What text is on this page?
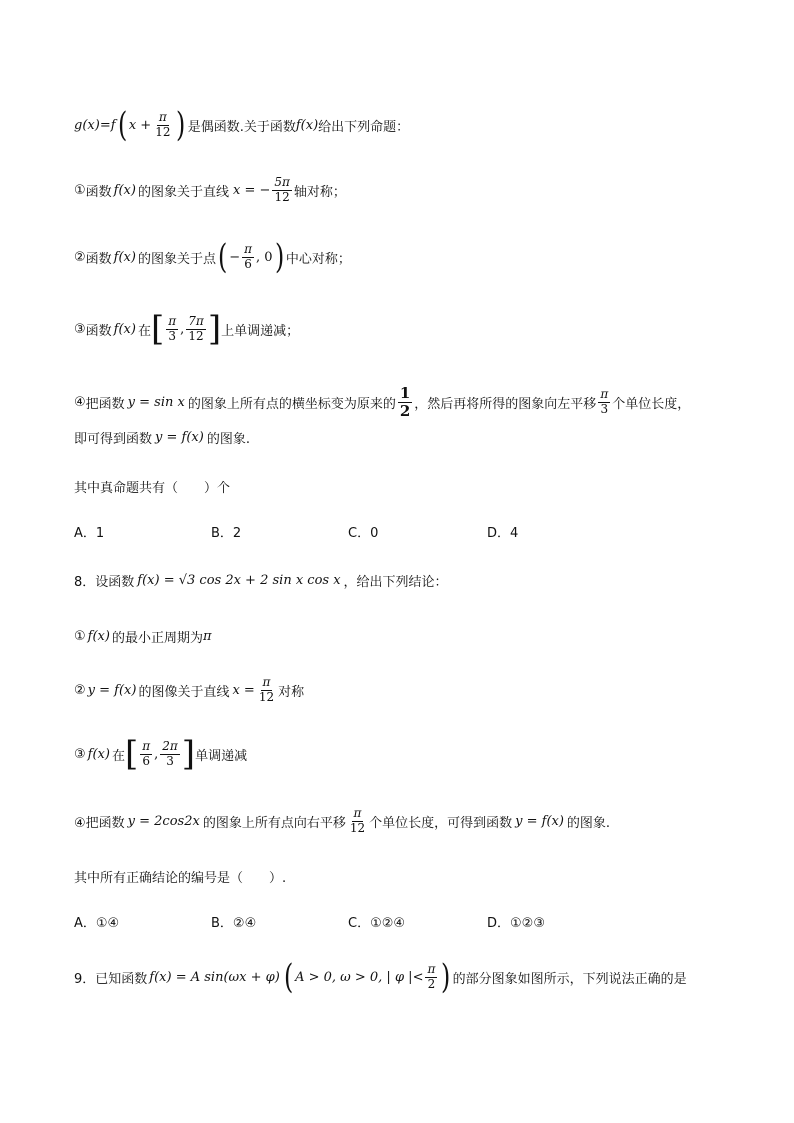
g(x) = f ( $x + \frac{\pi}{12}$ ) 是偶函数.关于函数 f(x) 给出下列命题：
① 函数 f(x) 的图象关于直线 x = − $\frac{5\pi}{12}$ 轴对称；
② 函数 f(x) 的图象关于点 ( − $\frac{\pi}{6}$ , 0 ) 中心对称；
③ 函数 f(x) 在 [ $\frac{\pi}{3}$ , $\frac{7\pi}{12}$ ] 上单调递减；
④ 把函数 y = sin x 的图象上所有点的横坐标变为原来的 $\frac{1}{2}$ ，然后再将所得的图象向左平移 $\frac{\pi}{3}$ 个单位长度，
即可得到函数 y = f(x) 的图象.
其中真命题共有（　　）个
A．1	B．2	C．0	D．4
8．设函数 f(x) = √3 cos 2x + 2 sin x cos x ，给出下列结论：
① f(x) 的最小正周期为 π
② y = f(x) 的图像关于直线 $x = \frac{\pi}{12}$ 对称
③ f(x) 在 [ $\frac{\pi}{6}$ , $\frac{2\pi}{3}$ ] 单调递减
④把函数 y = 2cos2x 的图象上所有点向右平移 $\frac{\pi}{12}$ 个单位长度，可得到函数 y = f(x) 的图象.
其中所有正确结论的编号是（　　）.
A．①④	B．②④	C．①②④	D．①②③
9．已知函数 f(x) = A sin(ωx + φ) ( A > 0, ω > 0, | φ |< $\frac{\pi}{2}$ ) 的部分图象如图所示，下列说法正确的是
